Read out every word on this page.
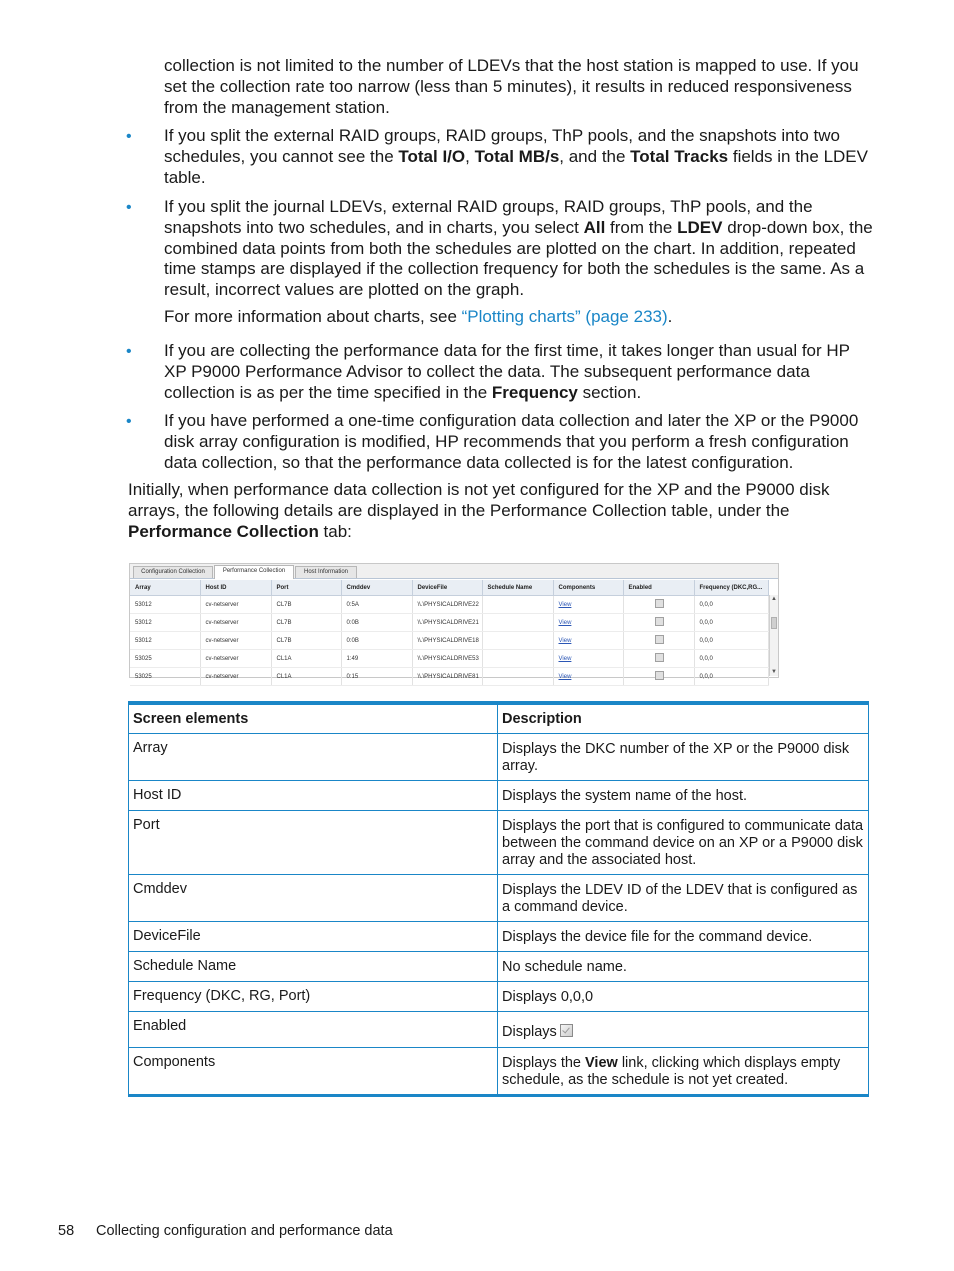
collection is not limited to the number of LDEVs that the host station is mapped to use. If you set the collection rate too narrow (less than 5 minutes), it results in reduced responsiveness from the management station.

• If you split the external RAID groups, RAID groups, ThP pools, and the snapshots into two schedules, you cannot see the Total I/O, Total MB/s, and the Total Tracks fields in the LDEV table.

• If you split the journal LDEVs, external RAID groups, RAID groups, ThP pools, and the snapshots into two schedules, and in charts, you select All from the LDEV drop-down box, the combined data points from both the schedules are plotted on the chart. In addition, repeated time stamps are displayed if the collection frequency for both the schedules is the same. As a result, incorrect values are plotted on the graph.

For more information about charts, see “Plotting charts” (page 233).

• If you are collecting the performance data for the first time, it takes longer than usual for HP XP P9000 Performance Advisor to collect the data. The subsequent performance data collection is as per the time specified in the Frequency section.

• If you have performed a one-time configuration data collection and later the XP or the P9000 disk array configuration is modified, HP recommends that you perform a fresh configuration data collection, so that the performance data collected is for the latest configuration.

Initially, when performance data collection is not yet configured for the XP and the P9000 disk arrays, the following details are displayed in the Performance Collection table, under the Performance Collection tab:

Configuration Collection	Performance Collection	Host Information
Array	Host ID	Port	Cmddev	DeviceFile	Schedule Name	Components	Enabled	Frequency (DKC,RG...
53012	cv-netserver	CL7B	0:5A	\\.\PHYSICALDRIVE22		View		0,0,0
53012	cv-netserver	CL7B	0:0B	\\.\PHYSICALDRIVE21		View		0,0,0
53012	cv-netserver	CL7B	0:0B	\\.\PHYSICALDRIVE18		View		0,0,0
53025	cv-netserver	CL1A	1:49	\\.\PHYSICALDRIVE53		View		0,0,0
53025	cv-netserver	CL1A	0:15	\\.\PHYSICALDRIVE81		View		0,0,0
▲
▼
Screen elements	Description
Array	Displays the DKC number of the XP or the P9000 disk array.
Host ID	Displays the system name of the host.
Port	Displays the port that is configured to communicate data between the command device on an XP or a P9000 disk array and the associated host.
Cmddev	Displays the LDEV ID of the LDEV that is configured as a command device.
DeviceFile	Displays the device file for the command device.
Schedule Name	No schedule name.
Frequency (DKC, RG, Port)	Displays 0,0,0
Enabled	Displays
Components	Displays the View link, clicking which displays empty schedule, as the schedule is not yet created.
58 Collecting configuration and performance data
